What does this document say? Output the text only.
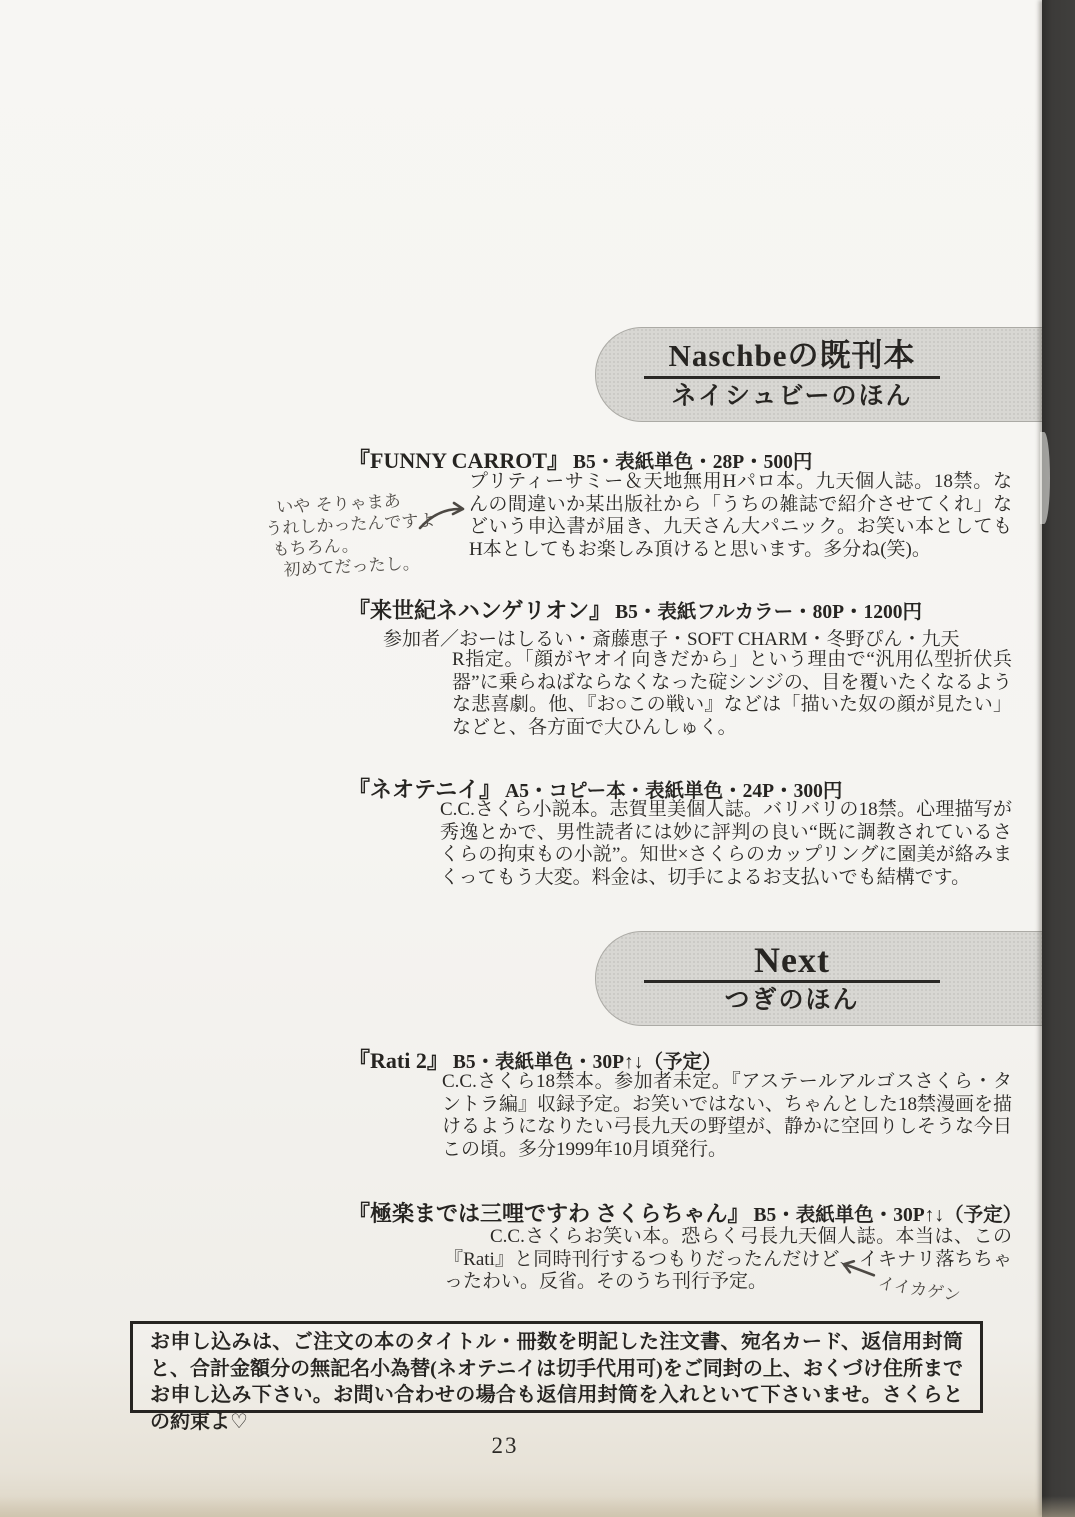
Naschbeの既刊本
ネイシュビーのほん
『FUNNY CARROT』 B5・表紙単色・28P・500円
プリティーサミー＆天地無用Hパロ本。九天個人誌。18禁。なんの間違いか某出版社から「うちの雑誌で紹介させてくれ」などいう申込書が届き、九天さん大パニック。お笑い本としてもH本としてもお楽しみ頂けると思います。多分ね(笑)。
いや そりゃまあ
うれしかったんですよ
もちろん。
初めてだったし。
『来世紀ネハンゲリオン』 B5・表紙フルカラー・80P・1200円
参加者／おーはしるい・斎藤恵子・SOFT CHARM・冬野ぴん・九天
R指定。「顔がヤオイ向きだから」という理由で“汎用仏型折伏兵器”に乗らねばならなくなった碇シンジの、目を覆いたくなるような悲喜劇。他、『お○この戦い』などは「描いた奴の顔が見たい」などと、各方面で大ひんしゅく。
『ネオテニイ』 A5・コピー本・表紙単色・24P・300円
C.C.さくら小説本。志賀里美個人誌。バリバリの18禁。心理描写が秀逸とかで、男性読者には妙に評判の良い“既に調教されているさくらの拘束もの小説”。知世×さくらのカップリングに園美が絡みまくってもう大変。料金は、切手によるお支払いでも結構です。
Next
つぎのほん
『Rati 2』 B5・表紙単色・30P↑↓（予定）
C.C.さくら18禁本。参加者未定。『アステールアルゴスさくら・タントラ編』収録予定。お笑いではない、ちゃんとした18禁漫画を描けるようになりたい弓長九天の野望が、静かに空回りしそうな今日この頃。多分1999年10月頃発行。
『極楽までは三哩ですわ さくらちゃん』 B5・表紙単色・30P↑↓（予定）
C.C.さくらお笑い本。恐らく弓長九天個人誌。本当は、この『Rati』と同時刊行するつもりだったんだけど、イキナリ落ちちゃったわい。反省。そのうち刊行予定。	イイカゲン
お申し込みは、ご注文の本のタイトル・冊数を明記した注文書、宛名カード、返信用封筒と、合計金額分の無記名小為替(ネオテニイは切手代用可)をご同封の上、おくづけ住所までお申し込み下さい。お問い合わせの場合も返信用封筒を入れといて下さいませ。さくらとの約束よ♡
23
